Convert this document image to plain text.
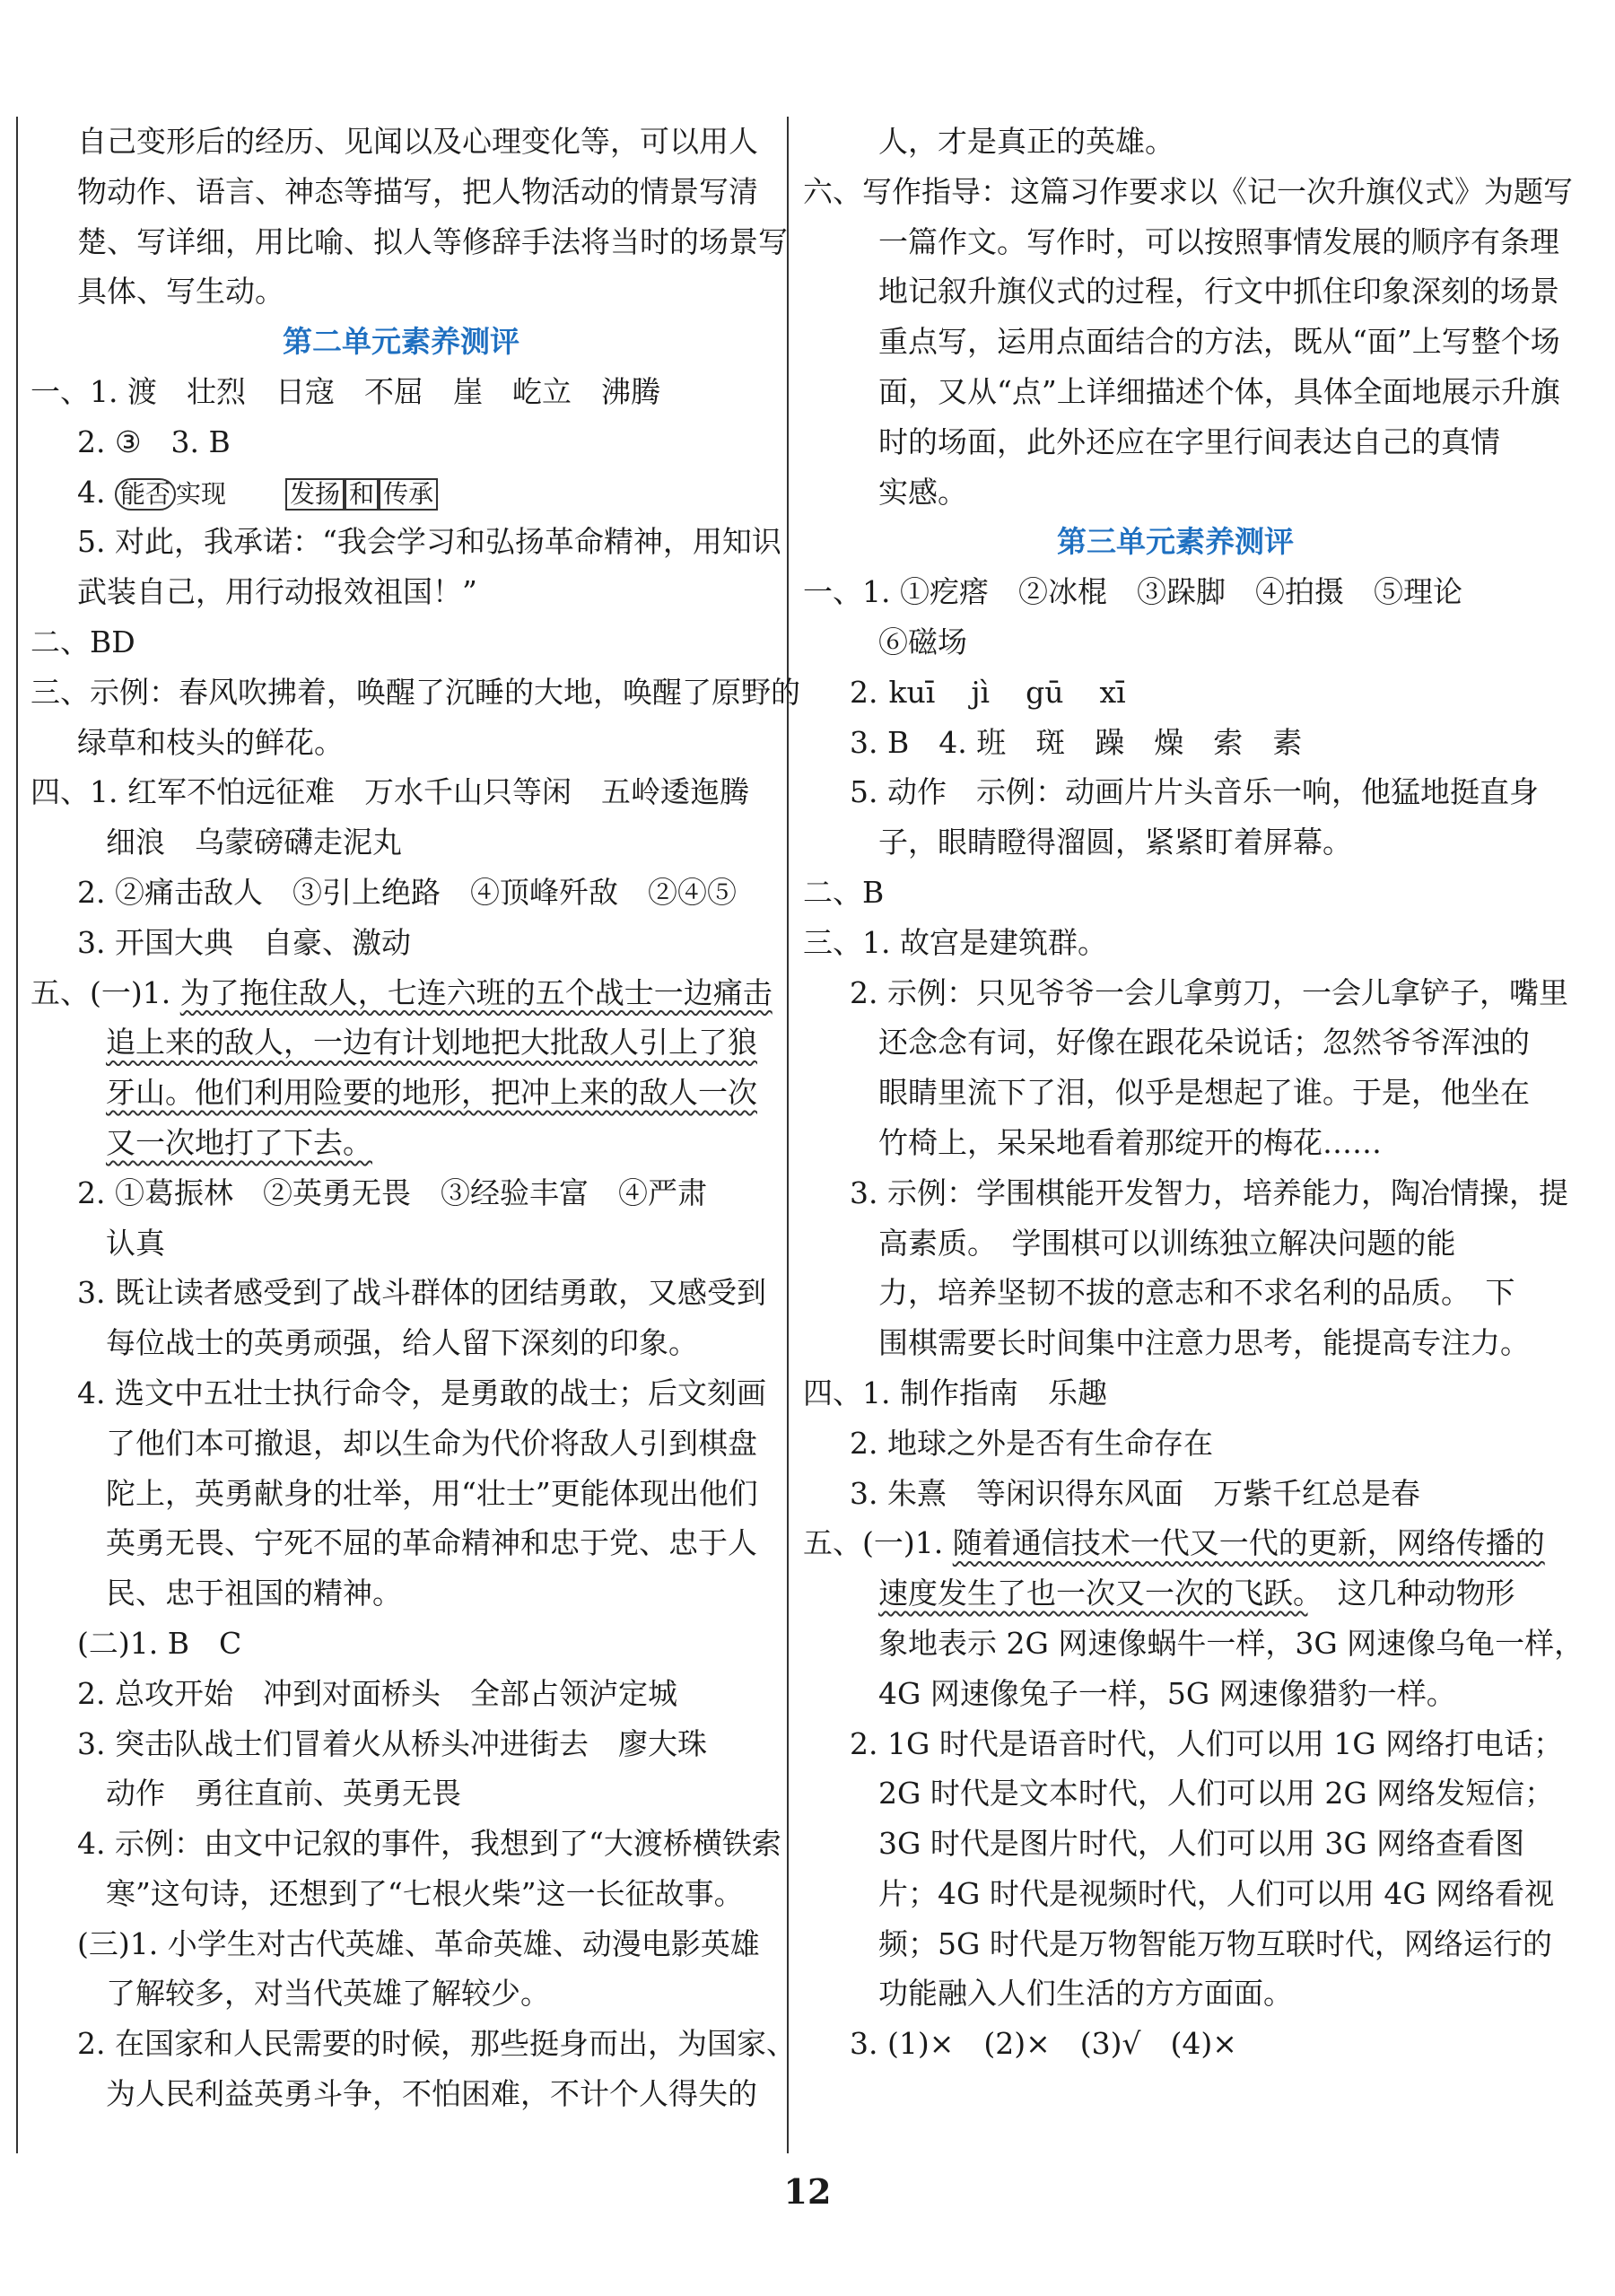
自己变形后的经历、见闻以及心理变化等，可以用人
物动作、语言、神态等描写，把人物活动的情景写清
楚、写详细，用比喻、拟人等修辞手法将当时的场景写
具体、写生动。
第二单元素养测评
一、1. 渡　壮烈　日寇　不屈　崖　屹立　沸腾
2. ③　3. B
4. 能否 实现　　	发扬 和 传承
5. 对此，我承诺：“我会学习和弘扬革命精神，用知识
武装自己，用行动报效祖国！”
二、BD
三、示例：春风吹拂着，唤醒了沉睡的大地，唤醒了原野的
绿草和枝头的鲜花。
四、1. 红军不怕远征难　万水千山只等闲　五岭逶迤腾
细浪　乌蒙磅礴走泥丸
2. ②痛击敌人　③引上绝路　④顶峰歼敌　②④⑤
3. 开国大典　自豪、激动
五、(一)1. 为了拖住敌人，七连六班的五个战士一边痛击
追上来的敌人，一边有计划地把大批敌人引上了狼
牙山。他们利用险要的地形，把冲上来的敌人一次
又一次地打了下去。
2. ①葛振林　②英勇无畏　③经验丰富　④严肃
认真
3. 既让读者感受到了战斗群体的团结勇敢，又感受到
每位战士的英勇顽强，给人留下深刻的印象。
4. 选文中五壮士执行命令，是勇敢的战士；后文刻画
了他们本可撤退，却以生命为代价将敌人引到棋盘
陀上，英勇献身的壮举，用“壮士”更能体现出他们
英勇无畏、宁死不屈的革命精神和忠于党、忠于人
民、忠于祖国的精神。
(二)1. B　C
2. 总攻开始　冲到对面桥头　全部占领泸定城
3. 突击队战士们冒着火从桥头冲进街去　廖大珠
动作　勇往直前、英勇无畏
4. 示例：由文中记叙的事件，我想到了“大渡桥横铁索
寒”这句诗，还想到了“七根火柴”这一长征故事。
(三)1. 小学生对古代英雄、革命英雄、动漫电影英雄
了解较多，对当代英雄了解较少。
2. 在国家和人民需要的时候，那些挺身而出，为国家、
为人民利益英勇斗争，不怕困难，不计个人得失的
人，才是真正的英雄。
六、写作指导：这篇习作要求以《记一次升旗仪式》为题写
一篇作文。写作时，可以按照事情发展的顺序有条理
地记叙升旗仪式的过程，行文中抓住印象深刻的场景
重点写，运用点面结合的方法，既从“面”上写整个场
面，又从“点”上详细描述个体，具体全面地展示升旗
时的场面，此外还应在字里行间表达自己的真情
实感。
第三单元素养测评
一、1. ①疙瘩　②冰棍　③跺脚　④拍摄　⑤理论
⑥磁场
2. kuī jì gū xī
3. B　4. 班　斑　躁　燥　索　素
5. 动作　示例：动画片片头音乐一响，他猛地挺直身
子，眼睛瞪得溜圆，紧紧盯着屏幕。
二、B
三、1. 故宫是建筑群。
2. 示例：只见爷爷一会儿拿剪刀，一会儿拿铲子，嘴里
还念念有词，好像在跟花朵说话；忽然爷爷浑浊的
眼睛里流下了泪，似乎是想起了谁。于是，他坐在
竹椅上，呆呆地看着那绽开的梅花……
3. 示例：学围棋能开发智力，培养能力，陶冶情操，提
高素质。　学围棋可以训练独立解决问题的能
力，培养坚韧不拔的意志和不求名利的品质。　下
围棋需要长时间集中注意力思考，能提高专注力。
四、1. 制作指南　乐趣
2. 地球之外是否有生命存在
3. 朱熹　等闲识得东风面　万紫千红总是春
五、(一)1. 随着通信技术一代又一代的更新，网络传播的
速度发生了也一次又一次的飞跃。　这几种动物形
象地表示 2G 网速像蜗牛一样，3G 网速像乌龟一样，
4G 网速像兔子一样，5G 网速像猎豹一样。
2. 1G 时代是语音时代，人们可以用 1G 网络打电话；
2G 时代是文本时代，人们可以用 2G 网络发短信；
3G 时代是图片时代，人们可以用 3G 网络查看图
片；4G 时代是视频时代，人们可以用 4G 网络看视
频；5G 时代是万物智能万物互联时代，网络运行的
功能融入人们生活的方方面面。
3. (1)×　(2)×　(3)√　(4)×
12
